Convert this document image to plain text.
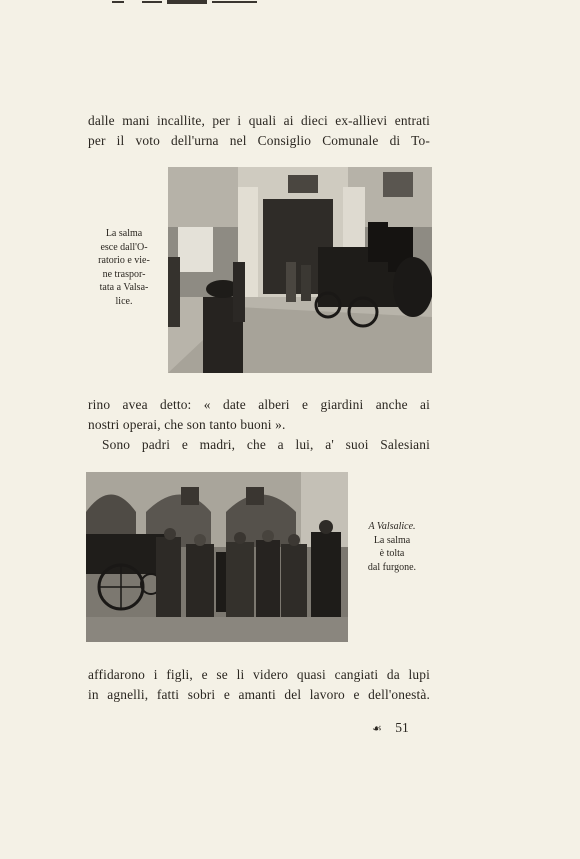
dalle mani incallite, per i quali ai dieci ex-allievi entrati
per il voto dell'urna nel Consiglio Comunale di To-
La salma
esce dall'O-
ratorio e vie-
ne traspor-
tata a Valsa-
lice.
rino avea detto: « date alberi e giardini anche ai
nostri operai, che son tanto buoni ».
Sono padri e madri, che a lui, a' suoi Salesiani
A Valsalice.
La salma
è tolta
dal furgone.
affidarono i figli, e se li videro quasi cangiati da lupi
in agnelli, fatti sobri e amanti del lavoro e dell'onestà.
☙ 51
